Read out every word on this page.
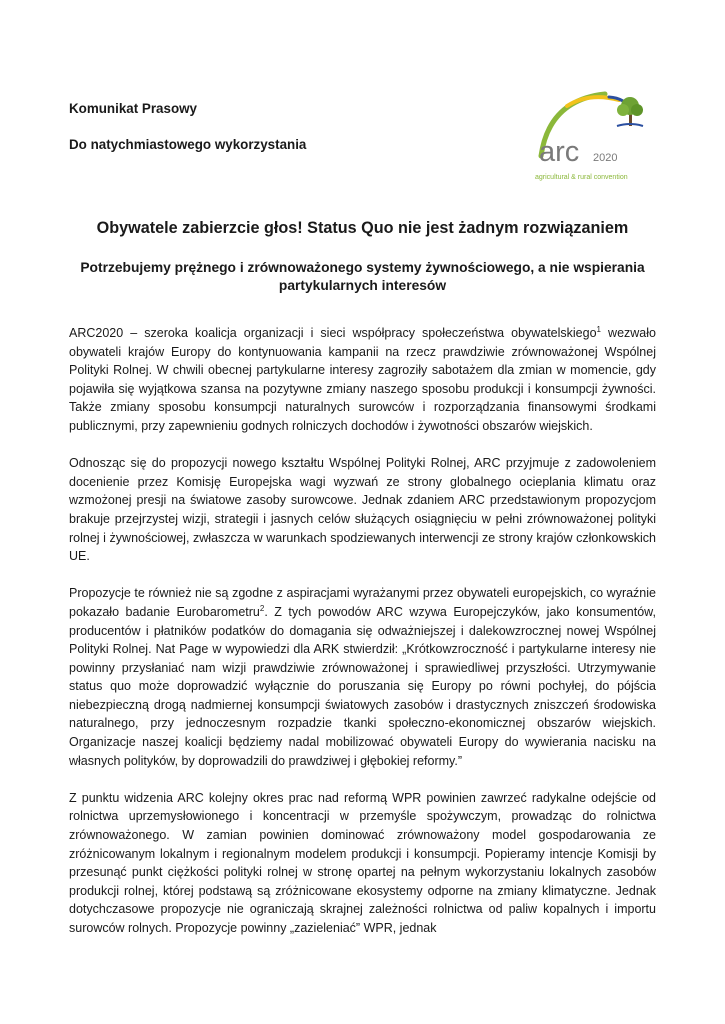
Komunikat Prasowy
Do natychmiastowego wykorzystania	arc 2020
agricultural & rural convention
Obywatele zabierzcie głos! Status Quo nie jest żadnym rozwiązaniem
Potrzebujemy prężnego i zrównoważonego systemy żywnościowego, a nie wspierania partykularnych interesów

ARC2020 – szeroka koalicja organizacji i sieci współpracy społeczeństwa obywatelskiego$^1$ wezwało obywateli krajów Europy do kontynuowania kampanii na rzecz prawdziwie zrównoważonej Wspólnej Polityki Rolnej. W chwili obecnej partykularne interesy zagroziły sabotażem dla zmian w momencie, gdy pojawiła się wyjątkowa szansa na pozytywne zmiany naszego sposobu produkcji i konsumpcji żywności. Także zmiany sposobu konsumpcji naturalnych surowców i rozporządzania finansowymi środkami publicznymi, przy zapewnieniu godnych rolniczych dochodów i żywotności obszarów wiejskich.

Odnosząc się do propozycji nowego kształtu Wspólnej Polityki Rolnej, ARC przyjmuje z zadowoleniem docenienie przez Komisję Europejska wagi wyzwań ze strony globalnego ocieplania klimatu oraz wzmożonej presji na światowe zasoby surowcowe. Jednak zdaniem ARC przedstawionym propozycjom brakuje przejrzystej wizji, strategii i jasnych celów służących osiągnięciu w pełni zrównoważonej polityki rolnej i żywnościowej, zwłaszcza w warunkach spodziewanych interwencji ze strony krajów członkowskich UE.

Propozycje te również nie są zgodne z aspiracjami wyrażanymi przez obywateli europejskich, co wyraźnie pokazało badanie Eurobarometru$^2$. Z tych powodów ARC wzywa Europejczyków, jako konsumentów, producentów i płatników podatków do domagania się odważniejszej i dalekowzrocznej nowej Wspólnej Polityki Rolnej. Nat Page w wypowiedzi dla ARK stwierdził: „Krótkowzroczność i partykularne interesy nie powinny przysłaniać nam wizji prawdziwie zrównoważonej i sprawiedliwej przyszłości. Utrzymywanie status quo może doprowadzić wyłącznie do poruszania się Europy po równi pochyłej, do pójścia niebezpieczną drogą nadmiernej konsumpcji światowych zasobów i drastycznych zniszczeń środowiska naturalnego, przy jednoczesnym rozpadzie tkanki społeczno-ekonomicznej obszarów wiejskich. Organizacje naszej koalicji będziemy nadal mobilizować obywateli Europy do wywierania nacisku na własnych polityków, by doprowadzili do prawdziwej i głębokiej reformy.”

Z punktu widzenia ARC kolejny okres prac nad reformą WPR powinien zawrzeć radykalne odejście od rolnictwa uprzemysłowionego i koncentracji w przemyśle spożywczym, prowadząc do rolnictwa zrównoważonego. W zamian powinien dominować zrównoważony model gospodarowania ze zróżnicowanym lokalnym i regionalnym modelem produkcji i konsumpcji. Popieramy intencje Komisji by przesunąć punkt ciężkości polityki rolnej w stronę opartej na pełnym wykorzystaniu lokalnych zasobów produkcji rolnej, której podstawą są zróżnicowane ekosystemy odporne na zmiany klimatyczne. Jednak dotychczasowe propozycje nie ograniczają skrajnej zależności rolnictwa od paliw kopalnych i importu surowców rolnych. Propozycje powinny „zazieleniać” WPR, jednak
